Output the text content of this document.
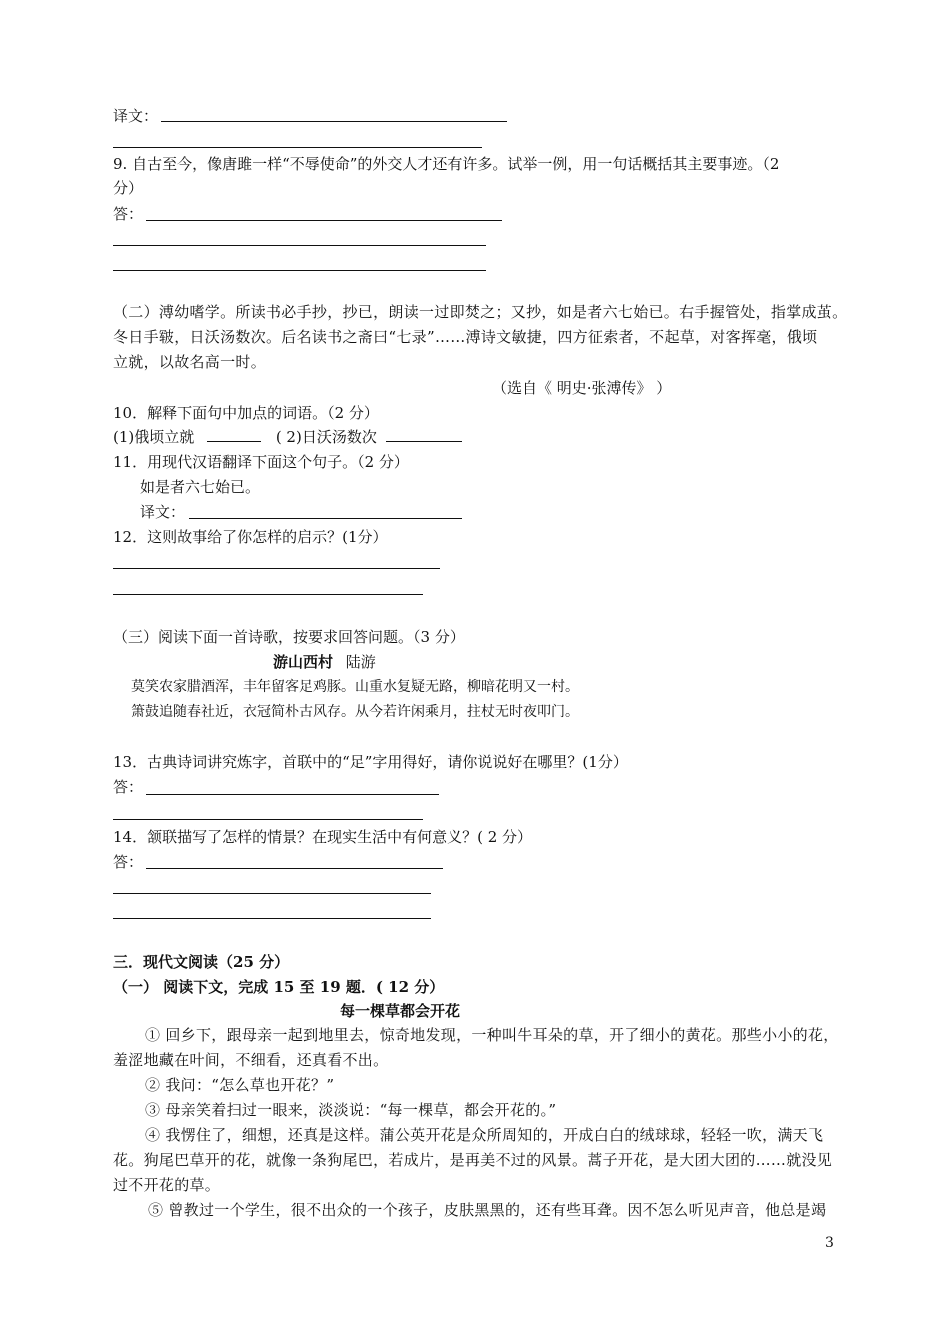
译文：
9. 自古至今，像唐雎一样“不辱使命”的外交人才还有许多。试举一例，用一句话概括其主要事迹。（2
分）
答：
（二）溥幼嗜学。所读书必手抄，抄已，朗读一过即焚之；又抄，如是者六七始已。右手握管处，指掌成茧。
冬日手皲，日沃汤数次。后名读书之斋曰“七录”……溥诗文敏捷，四方征索者，不起草，对客挥毫，俄顷
立就，以故名高一时。
（选自《 明史·张溥传》 ）
10．解释下面句中加点的词语。（2 分）
(1)俄顷立就	( 2)日沃汤数次
11．用现代汉语翻译下面这个句子。（2 分）
如是者六七始已。
译文：
12．这则故事给了你怎样的启示？(1分）
（三）阅读下面一首诗歌，按要求回答问题。（3 分）
游山西村 陆游
莫笑农家腊酒浑，丰年留客足鸡豚。山重水复疑无路，柳暗花明又一村。
箫鼓追随春社近，衣冠简朴古风存。从今若许闲乘月，拄杖无时夜叩门。
13．古典诗词讲究炼字，首联中的“足”字用得好，请你说说好在哪里？(1分）
答：
14．颔联描写了怎样的情景？在现实生活中有何意义？( 2 分）
答：
三．现代文阅读（25 分）
（一） 阅读下文，完成 15 至 19 题．( 12 分）
每一棵草都会开花
① 回乡下，跟母亲一起到地里去，惊奇地发现，一种叫牛耳朵的草，开了细小的黄花。那些小小的花，
羞涩地藏在叶间，不细看，还真看不出。
② 我问：“怎么草也开花？”
③ 母亲笑着扫过一眼来，淡淡说：“每一棵草，都会开花的。”
④ 我愣住了，细想，还真是这样。蒲公英开花是众所周知的，开成白白的绒球球，轻轻一吹，满天飞
花。狗尾巴草开的花，就像一条狗尾巴，若成片，是再美不过的风景。蒿子开花，是大团大团的……就没见
过不开花的草。
⑤ 曾教过一个学生，很不出众的一个孩子，皮肤黑黑的，还有些耳聋。因不怎么听见声音，他总是竭
3
